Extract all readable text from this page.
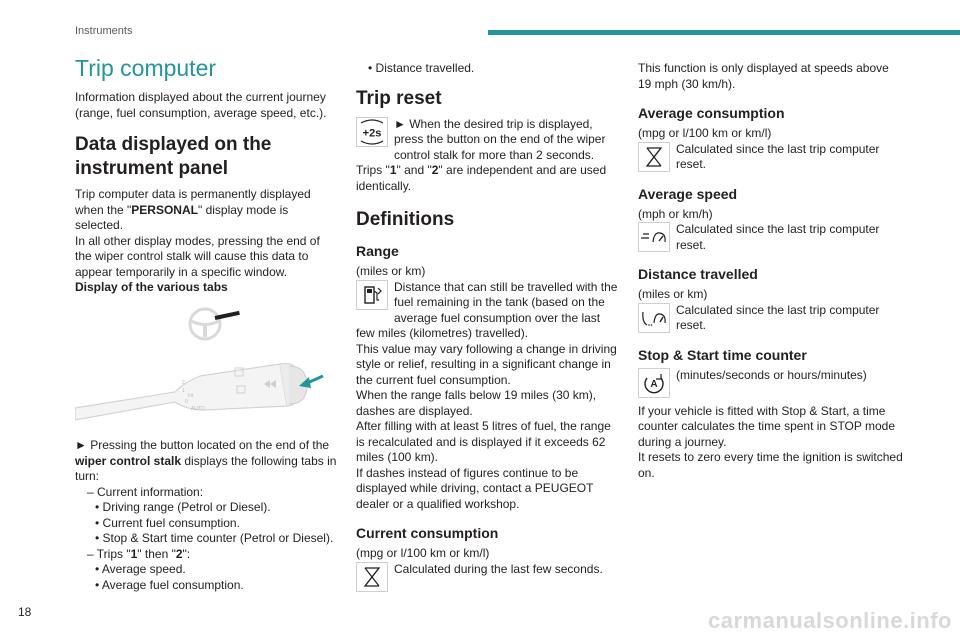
Instruments
Trip computer

Information displayed about the current journey (range, fuel consumption, average speed, etc.).

Data displayed on the instrument panel

Trip computer data is permanently displayed when the "PERSONAL" display mode is selected.

In all other display modes, pressing the end of the wiper control stalk will cause this data to appear temporarily in a specific window.

Display of the various tabs

2
1
Int
0
AUTO

► Pressing the button located on the end of the wiper control stalk displays the following tabs in turn:

– Current information:

• Driving range (Petrol or Diesel).

• Current fuel consumption.

• Stop & Start time counter (Petrol or Diesel).

– Trips "1" then "2":

• Average speed.

• Average fuel consumption.

• Distance travelled.

Trip reset
+2s

► When the desired trip is displayed, press the button on the end of the wiper control stalk for more than 2 seconds.

Trips "1" and "2" are independent and are used identically.

Definitions
Range

(miles or km)

Distance that can still be travelled with the fuel remaining in the tank (based on the average fuel consumption over the last few miles (kilometres) travelled).

This value may vary following a change in driving style or relief, resulting in a significant change in the current fuel consumption.

When the range falls below 19 miles (30 km), dashes are displayed.

After filling with at least 5 litres of fuel, the range is recalculated and is displayed if it exceeds 62 miles (100 km).

If dashes instead of figures continue to be displayed while driving, contact a PEUGEOT dealer or a qualified workshop.

Current consumption

(mpg or l/100 km or km/l)

Calculated during the last few seconds.

This function is only displayed at speeds above 19 mph (30 km/h).

Average consumption

(mpg or l/100 km or km/l)

Calculated since the last trip computer reset.

Average speed

(mph or km/h)

Calculated since the last trip computer reset.

Distance travelled

(miles or km)

Calculated since the last trip computer reset.

Stop & Start time counter
A

(minutes/seconds or hours/minutes)

If your vehicle is fitted with Stop & Start, a time counter calculates the time spent in STOP mode during a journey.

It resets to zero every time the ignition is switched on.

18	carmanualsonline.info
